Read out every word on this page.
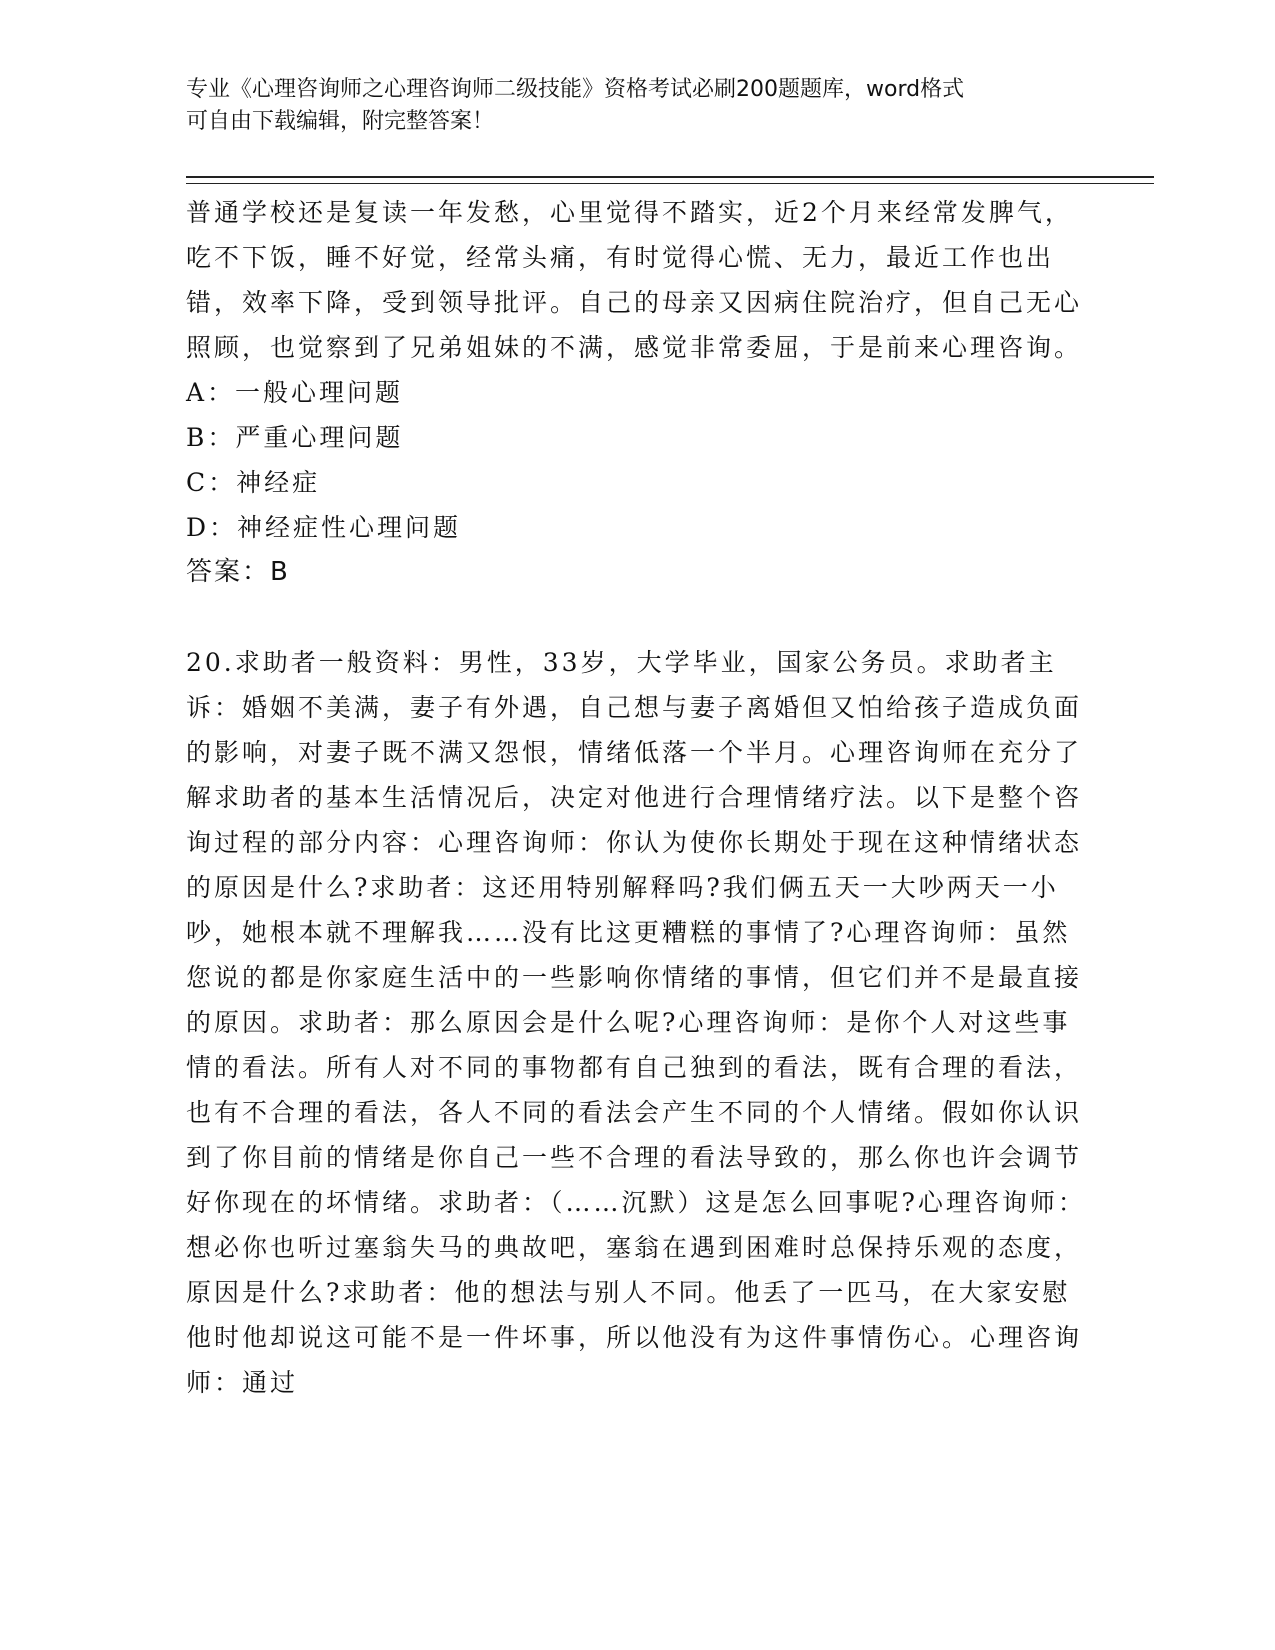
专业《心理咨询师之心理咨询师二级技能》资格考试必刷200题题库，word格式
可自由下载编辑，附完整答案！

普通学校还是复读一年发愁，心里觉得不踏实，近2个月来经常发脾气，吃不下饭，睡不好觉，经常头痛，有时觉得心慌、无力，最近工作也出错，效率下降，受到领导批评。自己的母亲又因病住院治疗，但自己无心照顾，也觉察到了兄弟姐妹的不满，感觉非常委屈，于是前来心理咨询。

A：一般心理问题

B：严重心理问题

C：神经症

D：神经症性心理问题

答案：B

20.求助者一般资料：男性，33岁，大学毕业，国家公务员。求助者主诉：婚姻不美满，妻子有外遇，自己想与妻子离婚但又怕给孩子造成负面的影响，对妻子既不满又怨恨，情绪低落一个半月。心理咨询师在充分了解求助者的基本生活情况后，决定对他进行合理情绪疗法。以下是整个咨询过程的部分内容：心理咨询师：你认为使你长期处于现在这种情绪状态的原因是什么?求助者：这还用特别解释吗?我们俩五天一大吵两天一小吵，她根本就不理解我……没有比这更糟糕的事情了?心理咨询师：虽然您说的都是你家庭生活中的一些影响你情绪的事情，但它们并不是最直接的原因。求助者：那么原因会是什么呢?心理咨询师：是你个人对这些事情的看法。所有人对不同的事物都有自己独到的看法，既有合理的看法，也有不合理的看法，各人不同的看法会产生不同的个人情绪。假如你认识到了你目前的情绪是你自己一些不合理的看法导致的，那么你也许会调节好你现在的坏情绪。求助者：（……沉默）这是怎么回事呢?心理咨询师：想必你也听过塞翁失马的典故吧，塞翁在遇到困难时总保持乐观的态度，原因是什么?求助者：他的想法与别人不同。他丢了一匹马，在大家安慰他时他却说这可能不是一件坏事，所以他没有为这件事情伤心。心理咨询师：通过
